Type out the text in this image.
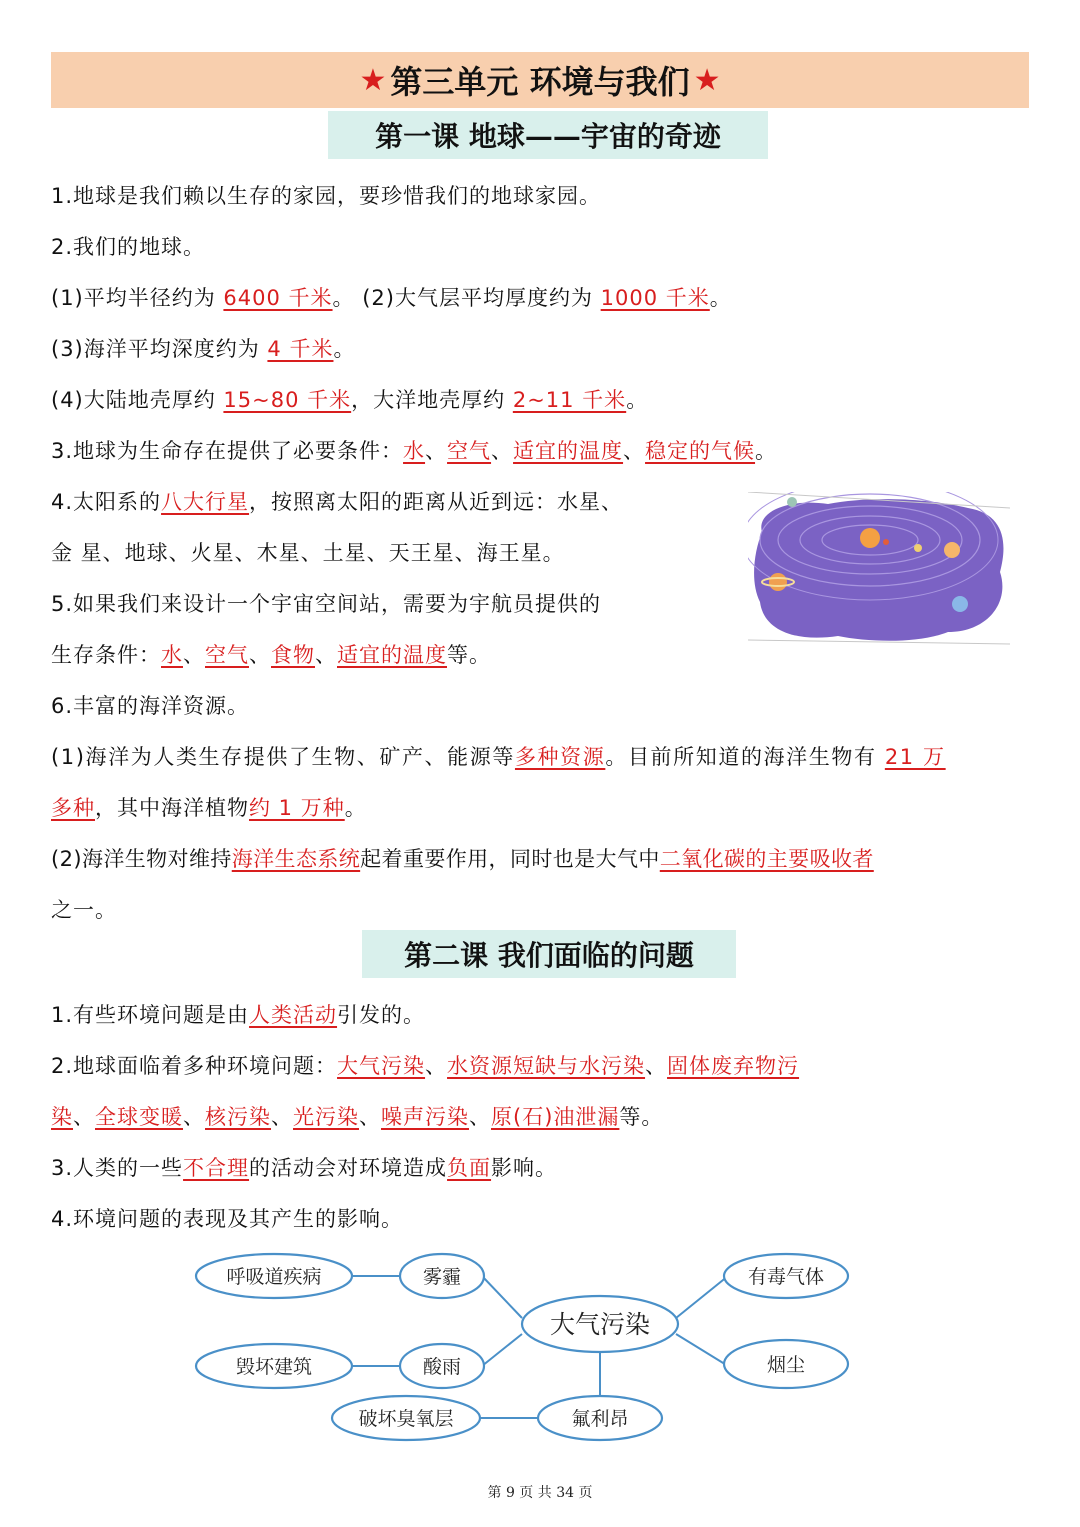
★ 第三单元 环境与我们 ★
第一课 地球——宇宙的奇迹
1.地球是我们赖以生存的家园，要珍惜我们的地球家园。
2.我们的地球。
(1)平均半径约为 6400 千米。 (2)大气层平均厚度约为 1000 千米。
(3)海洋平均深度约为 4 千米。
(4)大陆地壳厚约 15~80 千米，大洋地壳厚约 2~11 千米。
3.地球为生命存在提供了必要条件：水、空气、适宜的温度、稳定的气候。
4.太阳系的八大行星，按照离太阳的距离从近到远：水星、
金 星、地球、火星、木星、土星、天王星、海王星。
5.如果我们来设计一个宇宙空间站，需要为宇航员提供的
生存条件：水、空气、食物、适宜的温度等。
6.丰富的海洋资源。
(1)海洋为人类生存提供了生物、矿产、能源等多种资源。目前所知道的海洋生物有 21 万
多种，其中海洋植物约 1 万种。
(2)海洋生物对维持海洋生态系统起着重要作用，同时也是大气中二氧化碳的主要吸收者
之一。
第二课 我们面临的问题
1.有些环境问题是由人类活动引发的。
2.地球面临着多种环境问题：大气污染、水资源短缺与水污染、固体废弃物污
染、全球变暖、核污染、光污染、噪声污染、原(石)油泄漏等。
3.人类的一些不合理的活动会对环境造成负面影响。
4.环境问题的表现及其产生的影响。
呼吸道疾病	雾霾
大气污染
有毒气体
毁坏建筑	酸雨	烟尘
破坏臭氧层	氟利昂
第 9 页 共 34 页
